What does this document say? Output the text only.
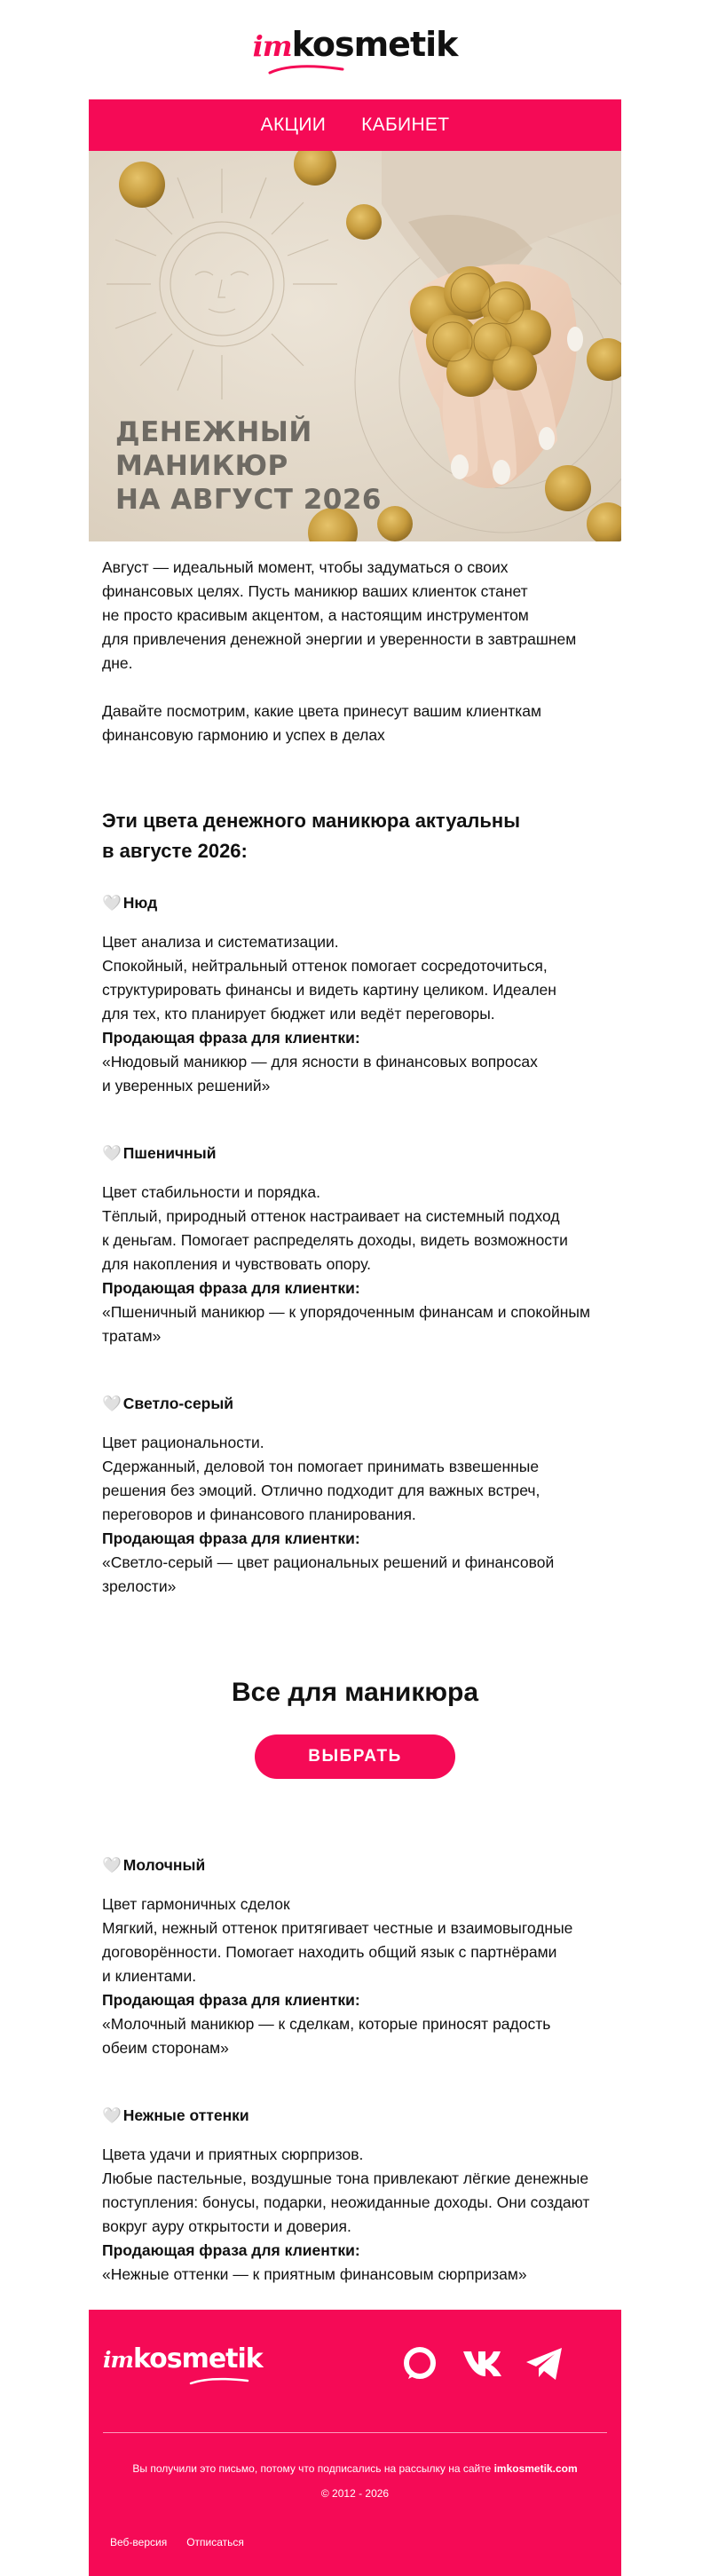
imkosmetik
АКЦИИ КАБИНЕТ
ДЕНЕЖНЫЙ
МАНИКЮР
НА АВГУСТ 2026
Август — идеальный момент, чтобы задуматься о своих
финансовых целях. Пусть маникюр ваших клиенток станет
не просто красивым акцентом, а настоящим инструментом
для привлечения денежной энергии и уверенности в завтрашнем
дне.
Давайте посмотрим, какие цвета принесут вашим клиенткам
финансовую гармонию и успех в делах
Эти цвета денежного маникюра актуальны
в августе 2026:
🤍 Нюд
Цвет анализа и систематизации.
Спокойный, нейтральный оттенок помогает сосредоточиться,
структурировать финансы и видеть картину целиком. Идеален
для тех, кто планирует бюджет или ведёт переговоры.
Продающая фраза для клиентки:
«Нюдовый маникюр — для ясности в финансовых вопросах
и уверенных решений»
🤍 Пшеничный
Цвет стабильности и порядка.
Тёплый, природный оттенок настраивает на системный подход
к деньгам. Помогает распределять доходы, видеть возможности
для накопления и чувствовать опору.
Продающая фраза для клиентки:
«Пшеничный маникюр — к упорядоченным финансам и спокойным
тратам»
🤍 Светло-серый
Цвет рациональности.
Сдержанный, деловой тон помогает принимать взвешенные
решения без эмоций. Отлично подходит для важных встреч,
переговоров и финансового планирования.
Продающая фраза для клиентки:
«Светло-серый — цвет рациональных решений и финансовой
зрелости»
Все для маникюра
ВЫБРАТЬ
🤍 Молочный
Цвет гармоничных сделок
Мягкий, нежный оттенок притягивает честные и взаимовыгодные
договорённости. Помогает находить общий язык с партнёрами
и клиентами.
Продающая фраза для клиентки:
«Молочный маникюр — к сделкам, которые приносят радость
обеим сторонам»
🤍 Нежные оттенки
Цвета удачи и приятных сюрпризов.
Любые пастельные, воздушные тона привлекают лёгкие денежные
поступления: бонусы, подарки, неожиданные доходы. Они создают
вокруг ауру открытости и доверия.
Продающая фраза для клиентки:
«Нежные оттенки — к приятным финансовым сюрпризам»
imkosmetik
Вы получили это письмо, потому что подписались на рассылку на сайте imkosmetik.com
© 2012 - 2026
Веб-версия Отписаться
